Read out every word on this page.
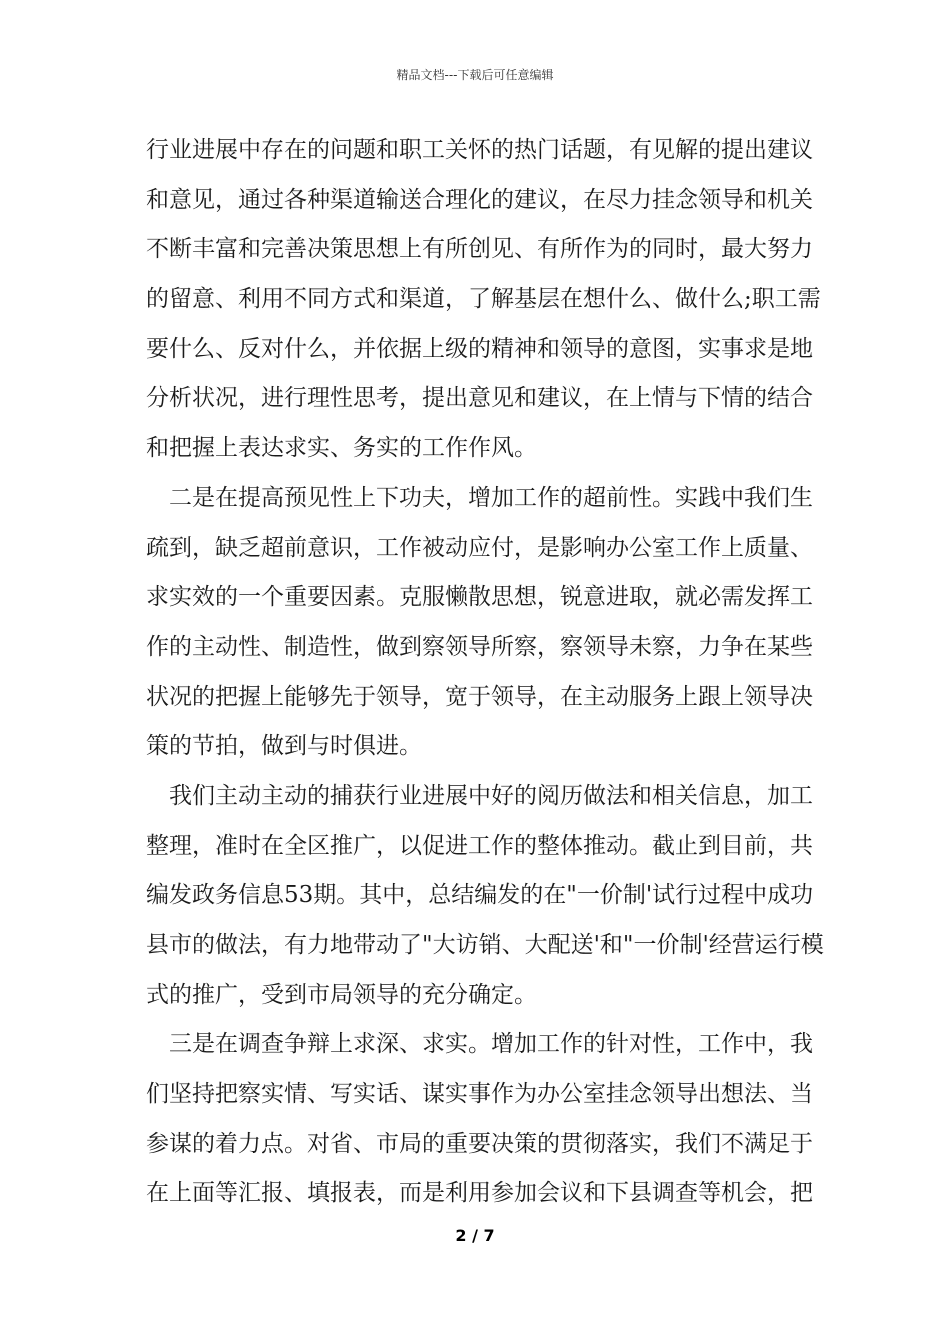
精品文档---下载后可任意编辑
行业进展中存在的问题和职工关怀的热门话题，有见解的提出建议
和意见，通过各种渠道输送合理化的建议，在尽力挂念领导和机关
不断丰富和完善决策思想上有所创见、有所作为的同时，最大努力
的留意、利用不同方式和渠道，了解基层在想什么、做什么;职工需
要什么、反对什么，并依据上级的精神和领导的意图，实事求是地
分析状况，进行理性思考，提出意见和建议，在上情与下情的结合
和把握上表达求实、务实的工作作风。
　二是在提高预见性上下功夫，增加工作的超前性。实践中我们生
疏到，缺乏超前意识，工作被动应付，是影响办公室工作上质量、
求实效的一个重要因素。克服懒散思想，锐意进取，就必需发挥工
作的主动性、制造性，做到察领导所察，察领导未察，力争在某些
状况的把握上能够先于领导，宽于领导，在主动服务上跟上领导决
策的节拍，做到与时俱进。
　我们主动主动的捕获行业进展中好的阅历做法和相关信息，加工
整理，准时在全区推广，以促进工作的整体推动。截止到目前，共
编发政务信息53期。其中，总结编发的在"一价制'试行过程中成功
县市的做法，有力地带动了"大访销、大配送'和"一价制'经营运行模
式的推广，受到市局领导的充分确定。
　三是在调查争辩上求深、求实。增加工作的针对性，工作中，我
们坚持把察实情、写实话、谋实事作为办公室挂念领导出想法、当
参谋的着力点。对省、市局的重要决策的贯彻落实，我们不满足于
在上面等汇报、填报表，而是利用参加会议和下县调查等机会，把
2 / 7
